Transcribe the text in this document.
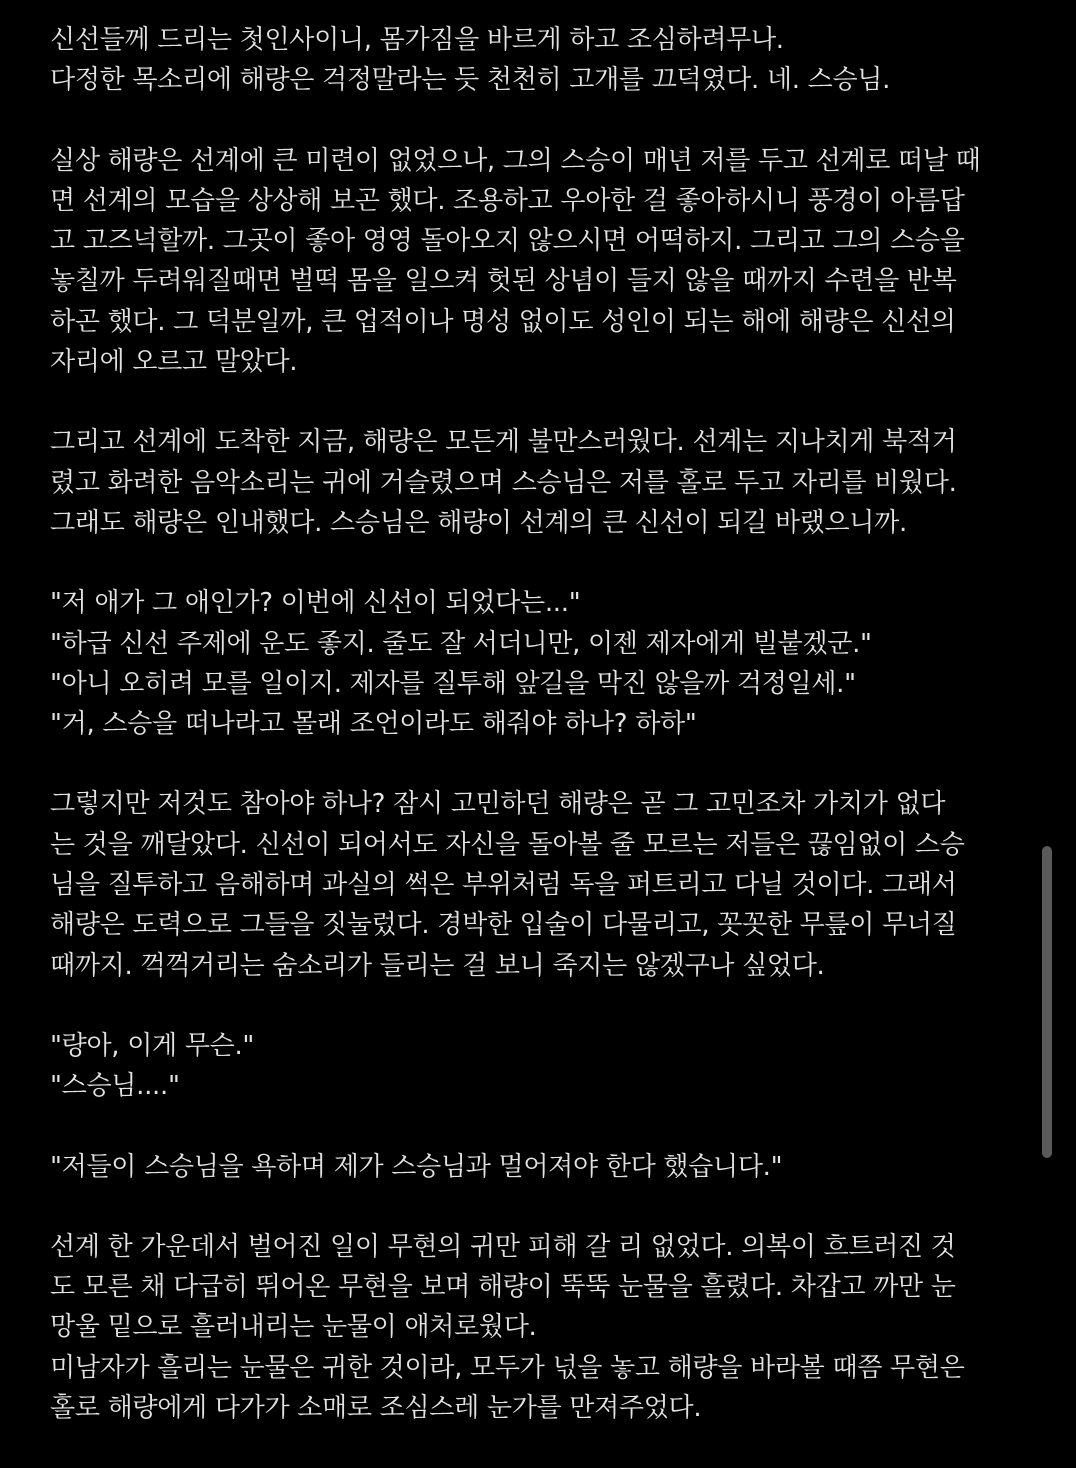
신선들께 드리는 첫인사이니, 몸가짐을 바르게 하고 조심하려무나.
다정한 목소리에 해량은 걱정말라는 듯 천천히 고개를 끄덕였다. 네. 스승님.
실상 해량은 선계에 큰 미련이 없었으나, 그의 스승이 매년 저를 두고 선계로 떠날 때
면 선계의 모습을 상상해 보곤 했다. 조용하고 우아한 걸 좋아하시니 풍경이 아름답
고 고즈넉할까. 그곳이 좋아 영영 돌아오지 않으시면 어떡하지. 그리고 그의 스승을
놓칠까 두려워질때면 벌떡 몸을 일으켜 헛된 상념이 들지 않을 때까지 수련을 반복
하곤 했다. 그 덕분일까, 큰 업적이나 명성 없이도 성인이 되는 해에 해량은 신선의
자리에 오르고 말았다.
그리고 선계에 도착한 지금, 해량은 모든게 불만스러웠다. 선계는 지나치게 북적거
렸고 화려한 음악소리는 귀에 거슬렸으며 스승님은 저를 홀로 두고 자리를 비웠다.
그래도 해량은 인내했다. 스승님은 해량이 선계의 큰 신선이 되길 바랬으니까.
"저 애가 그 애인가? 이번에 신선이 되었다는..."
"하급 신선 주제에 운도 좋지. 줄도 잘 서더니만, 이젠 제자에게 빌붙겠군."
"아니 오히려 모를 일이지. 제자를 질투해 앞길을 막진 않을까 걱정일세."
"거, 스승을 떠나라고 몰래 조언이라도 해줘야 하나? 하하"
그렇지만 저것도 참아야 하나? 잠시 고민하던 해량은 곧 그 고민조차 가치가 없다
는 것을 깨달았다. 신선이 되어서도 자신을 돌아볼 줄 모르는 저들은 끊임없이 스승
님을 질투하고 음해하며 과실의 썩은 부위처럼 독을 퍼트리고 다닐 것이다. 그래서
해량은 도력으로 그들을 짓눌렀다. 경박한 입술이 다물리고, 꼿꼿한 무릎이 무너질
때까지. 꺽꺽거리는 숨소리가 들리는 걸 보니 죽지는 않겠구나 싶었다.
"량아, 이게 무슨."
"스승님...."
"저들이 스승님을 욕하며 제가 스승님과 멀어져야 한다 했습니다."
선계 한 가운데서 벌어진 일이 무현의 귀만 피해 갈 리 없었다. 의복이 흐트러진 것
도 모른 채 다급히 뛰어온 무현을 보며 해량이 뚝뚝 눈물을 흘렸다. 차갑고 까만 눈
망울 밑으로 흘러내리는 눈물이 애처로웠다.
미남자가 흘리는 눈물은 귀한 것이라, 모두가 넋을 놓고 해량을 바라볼 때쯤 무현은
홀로 해량에게 다가가 소매로 조심스레 눈가를 만져주었다.
